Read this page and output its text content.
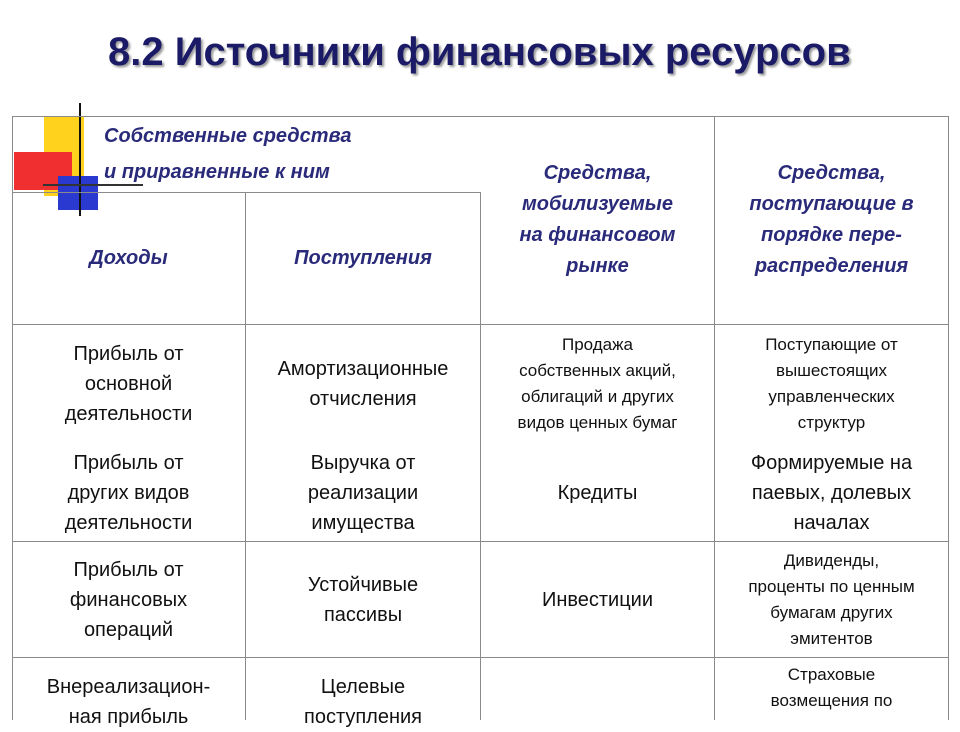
8.2 Источники финансовых ресурсов
Собственные средства
и приравненные к ним
Доходы	Поступления
Средства,
мобилизуемые
на финансовом
рынке
Средства,
поступающие в
порядке пере-
распределения
Прибыль от
основной
деятельности
Амортизационные
отчисления
Продажа
собственных акций,
облигаций и других
видов ценных бумаг
Поступающие от
вышестоящих
управленческих
структур
Прибыль от
других видов
деятельности
Выручка от
реализации
имущества
Кредиты
Формируемые на
паевых, долевых
началах
Прибыль от
финансовых
операций
Устойчивые
пассивы
Инвестиции
Дивиденды,
проценты по ценным
бумагам других
эмитентов
Внереализацион-
ная прибыль
Целевые
поступления
Страховые
возмещения по
